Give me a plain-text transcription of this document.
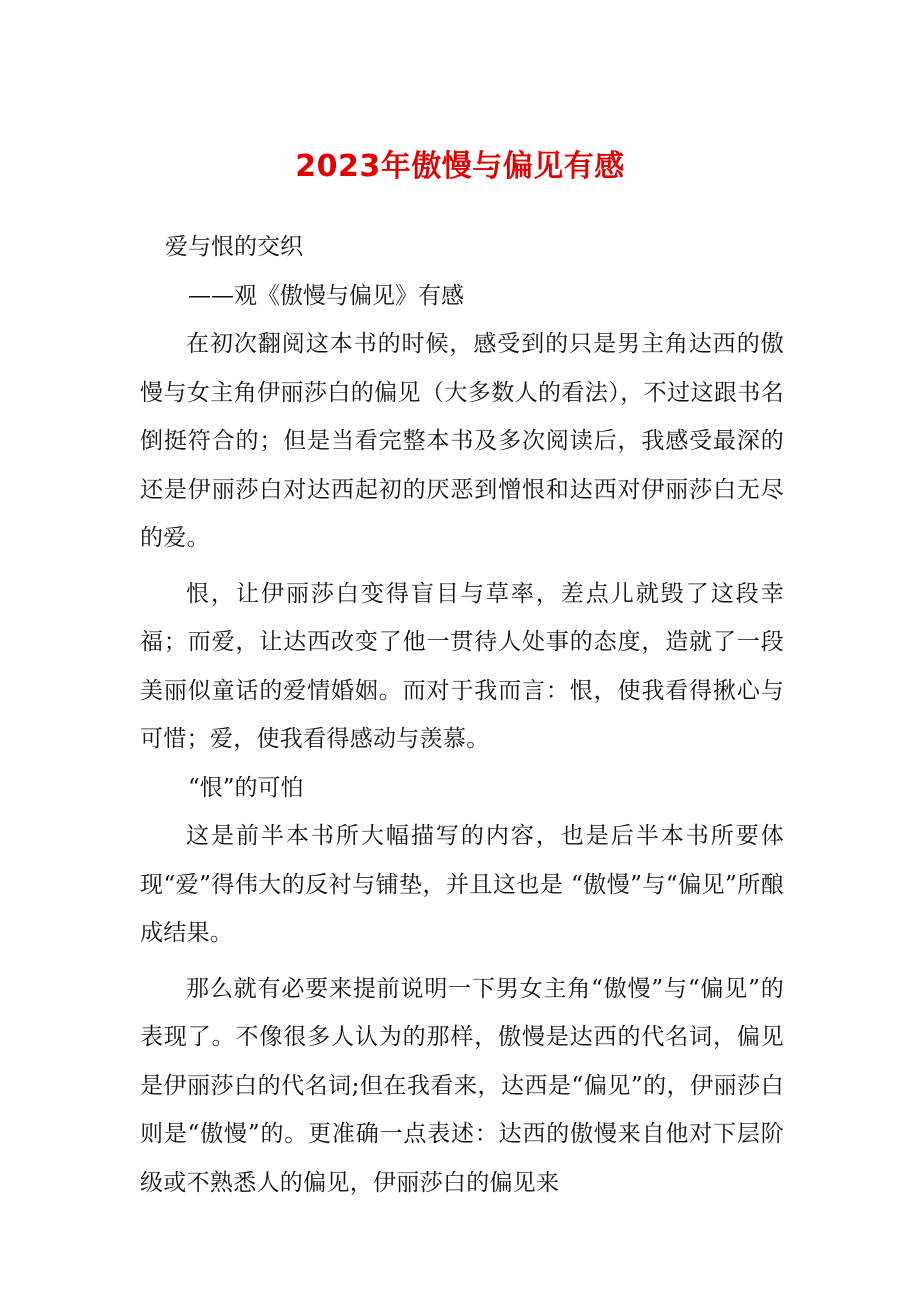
2023年傲慢与偏见有感

爱与恨的交织

——观《傲慢与偏见》有感

在初次翻阅这本书的时候，感受到的只是男主角达西的傲慢与女主角伊丽莎白的偏见（大多数人的看法），不过这跟书名倒挺符合的；但是当看完整本书及多次阅读后，我感受最深的还是伊丽莎白对达西起初的厌恶到憎恨和达西对伊丽莎白无尽的爱。

恨，让伊丽莎白变得盲目与草率，差点儿就毁了这段幸福；而爱，让达西改变了他一贯待人处事的态度，造就了一段美丽似童话的爱情婚姻。而对于我而言：恨，使我看得揪心与可惜；爱，使我看得感动与羡慕。

“恨”的可怕

这是前半本书所大幅描写的内容，也是后半本书所要体现“爱”得伟大的反衬与铺垫，并且这也是 “傲慢”与“偏见”所酿成结果。

那么就有必要来提前说明一下男女主角“傲慢”与“偏见”的表现了。不像很多人认为的那样，傲慢是达西的代名词，偏见是伊丽莎白的代名词;但在我看来，达西是“偏见”的，伊丽莎白则是“傲慢”的。更准确一点表述：达西的傲慢来自他对下层阶级或不熟悉人的偏见，伊丽莎白的偏见来
